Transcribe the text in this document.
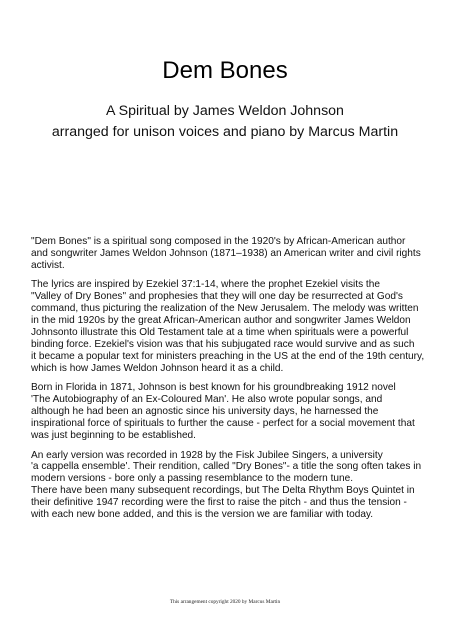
Dem Bones
A Spiritual by James Weldon Johnson
arranged for unison voices and piano by Marcus Martin

"Dem Bones" is a spiritual song composed in the 1920's by African-American author
and songwriter James Weldon Johnson (1871–1938) an American writer and civil rights
activist.

The lyrics are inspired by Ezekiel 37:1-14, where the prophet Ezekiel visits the
"Valley of Dry Bones" and prophesies that they will one day be resurrected at God's
command, thus picturing the realization of the New Jerusalem. The melody was written
in the mid 1920s by the great African-American author and songwriter James Weldon
Johnsonto illustrate this Old Testament tale at a time when spirituals were a powerful
binding force. Ezekiel's vision was that his subjugated race would survive and as such
it became a popular text for ministers preaching in the US at the end of the 19th century,
which is how James Weldon Johnson heard it as a child.

Born in Florida in 1871, Johnson is best known for his groundbreaking 1912 novel
'The Autobiography of an Ex-Coloured Man'. He also wrote popular songs, and
although he had been an agnostic since his university days, he harnessed the
inspirational force of spirituals to further the cause - perfect for a social movement that
was just beginning to be established.

An early version was recorded in 1928 by the Fisk Jubilee Singers, a university
'a cappella ensemble'. Their rendition, called "Dry Bones"- a title the song often takes in
modern versions - bore only a passing resemblance to the modern tune.
There have been many subsequent recordings, but The Delta Rhythm Boys Quintet in
their definitive 1947 recording were the first to raise the pitch - and thus the tension -
with each new bone added, and this is the version we are familiar with today.

This arrangement copyright 2020 by Marcus Martin
